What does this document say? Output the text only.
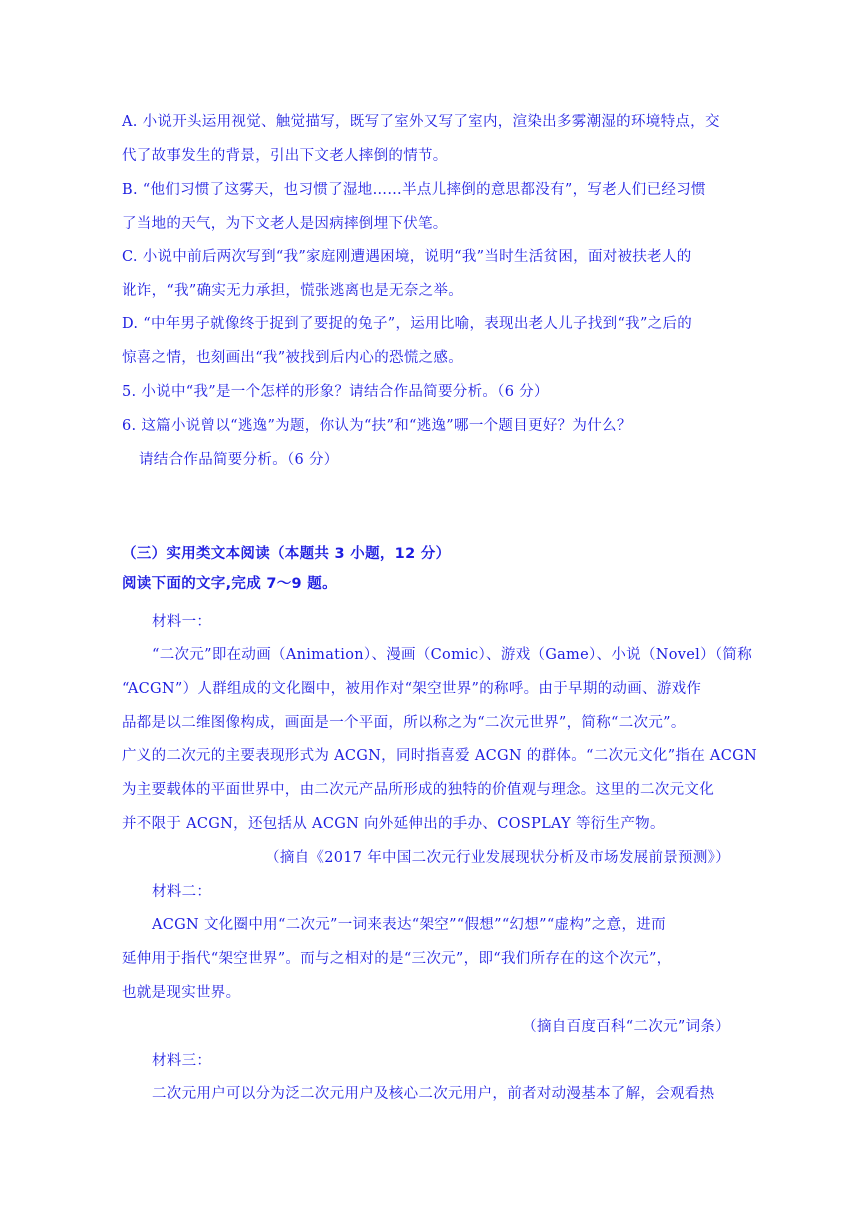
A. 小说开头运用视觉、触觉描写，既写了室外又写了室内，渲染出多雾潮湿的环境特点，交
代了故事发生的背景，引出下文老人摔倒的情节。
B. “他们习惯了这雾天，也习惯了湿地……半点儿摔倒的意思都没有”，写老人们已经习惯
了当地的天气，为下文老人是因病摔倒埋下伏笔。
C. 小说中前后两次写到“我”家庭刚遭遇困境，说明“我”当时生活贫困，面对被扶老人的
讹诈，“我”确实无力承担，慌张逃离也是无奈之举。
D. “中年男子就像终于捉到了要捉的兔子”，运用比喻，表现出老人儿子找到“我”之后的
惊喜之情，也刻画出“我”被找到后内心的恐慌之感。
5. 小说中“我”是一个怎样的形象？请结合作品简要分析。（6 分）
6. 这篇小说曾以“逃逸”为题，你认为“扶”和“逃逸”哪一个题目更好？为什么？
请结合作品简要分析。（6 分）
（三）实用类文本阅读（本题共 3 小题，12 分）
阅读下面的文字,完成 7～9 题。
材料一：
“二次元”即在动画（Animation）、漫画（Comic）、游戏（Game）、小说（Novel）（简称
“ACGN”）人群组成的文化圈中，被用作对“架空世界”的称呼。由于早期的动画、游戏作
品都是以二维图像构成，画面是一个平面，所以称之为“二次元世界”，简称“二次元”。
广义的二次元的主要表现形式为 ACGN，同时指喜爱 ACGN 的群体。“二次元文化”指在 ACGN
为主要载体的平面世界中，由二次元产品所形成的独特的价值观与理念。这里的二次元文化
并不限于 ACGN，还包括从 ACGN 向外延伸出的手办、COSPLAY 等衍生产物。
（摘自《2017 年中国二次元行业发展现状分析及市场发展前景预测》）
材料二：
ACGN 文化圈中用“二次元”一词来表达“架空”“假想”“幻想”“虚构”之意，进而
延伸用于指代“架空世界”。而与之相对的是“三次元”，即“我们所存在的这个次元”，
也就是现实世界。
（摘自百度百科“二次元”词条）
材料三：
二次元用户可以分为泛二次元用户及核心二次元用户，前者对动漫基本了解，会观看热
